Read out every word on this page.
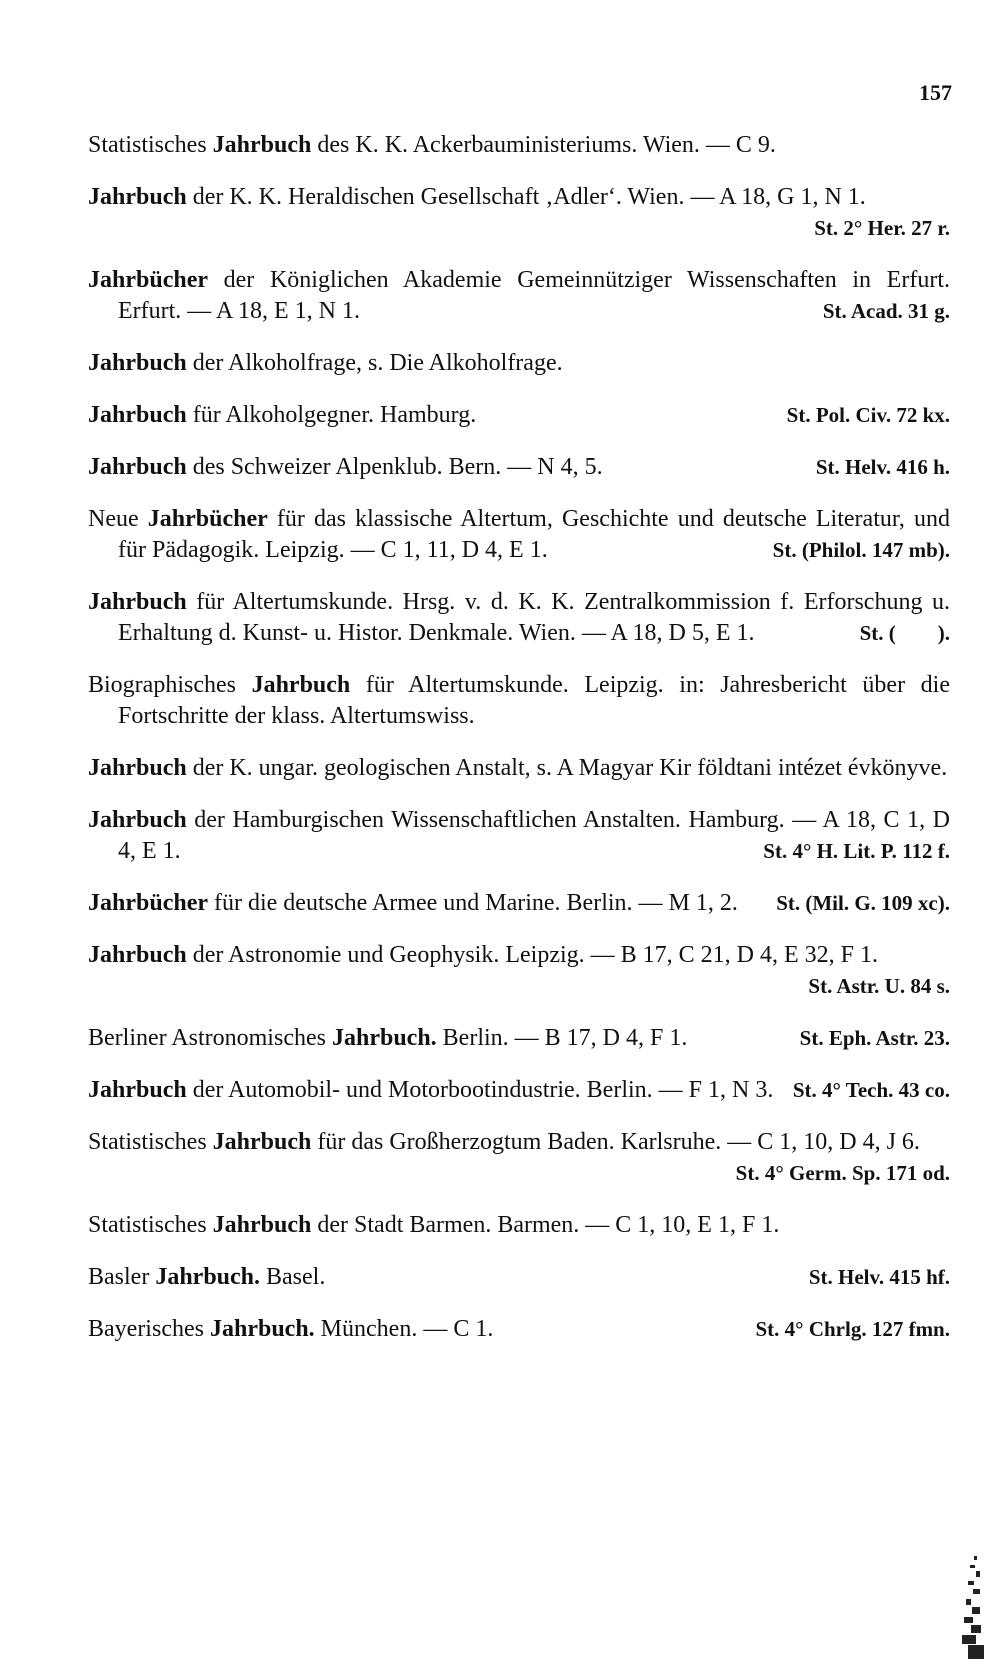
157
Statistisches Jahrbuch des K. K. Ackerbauministeriums. Wien. — C 9.
Jahrbuch der K. K. Heraldischen Gesellschaft ‚Adler‘. Wien. — A 18, G 1, N 1.
St. 2° Her. 27 r.
Jahrbücher der Königlichen Akademie Gemeinnütziger Wissenschaften in Erfurt. Erfurt. — A 18, E 1, N 1.	St. Acad. 31 g.
Jahrbuch der Alkoholfrage, s. Die Alkoholfrage.
Jahrbuch für Alkoholgegner. Hamburg.	St. Pol. Civ. 72 kx.
Jahrbuch des Schweizer Alpenklub. Bern. — N 4, 5.	St. Helv. 416 h.
Neue Jahrbücher für das klassische Altertum, Geschichte und deutsche Literatur, und für Pädagogik. Leipzig. — C 1, 11, D 4, E 1.	St. (Philol. 147 mb).
Jahrbuch für Altertumskunde. Hrsg. v. d. K. K. Zentralkommission f. Erforschung u. Erhaltung d. Kunst- u. Histor. Denkmale. Wien. — A 18, D 5, E 1.	St. (        ).
Biographisches Jahrbuch für Altertumskunde. Leipzig. in: Jahresbericht über die Fortschritte der klass. Altertumswiss.
Jahrbuch der K. ungar. geologischen Anstalt, s. A Magyar Kir földtani intézet évkönyve.
Jahrbuch der Hamburgischen Wissenschaftlichen Anstalten. Hamburg. — A 18, C 1, D 4, E 1.	St. 4° H. Lit. P. 112 f.
Jahrbücher für die deutsche Armee und Marine. Berlin. — M 1, 2. St. (Mil. G. 109 xc).
Jahrbuch der Astronomie und Geophysik. Leipzig. — B 17, C 21, D 4, E 32, F 1.
St. Astr. U. 84 s.
Berliner Astronomisches Jahrbuch. Berlin. — B 17, D 4, F 1.	St. Eph. Astr. 23.
Jahrbuch der Automobil- und Motorbootindustrie. Berlin. — F 1, N 3. St. 4° Tech. 43 co.
Statistisches Jahrbuch für das Großherzogtum Baden. Karlsruhe. — C 1, 10, D 4, J 6.
St. 4° Germ. Sp. 171 od.
Statistisches Jahrbuch der Stadt Barmen. Barmen. — C 1, 10, E 1, F 1.
Basler Jahrbuch. Basel.	St. Helv. 415 hf.
Bayerisches Jahrbuch. München. — C 1.	St. 4° Chrlg. 127 fmn.
